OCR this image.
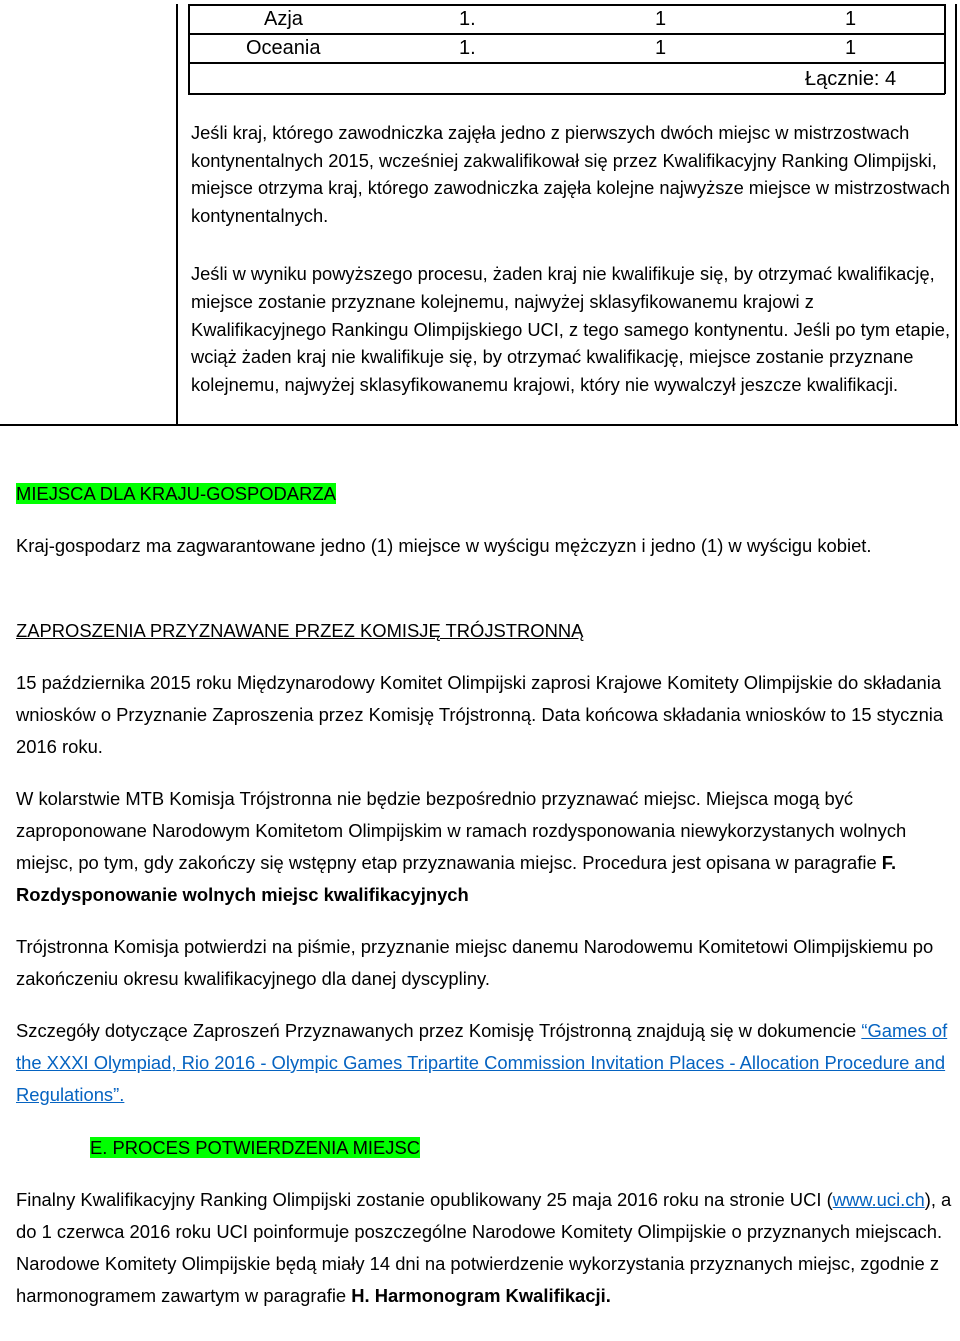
Azja	1.	1	1
Oceania	1.	1	1
Łącznie: 4

Jeśli kraj, którego zawodniczka zajęła jedno z pierwszych dwóch miejsc w mistrzostwach kontynentalnych 2015, wcześniej zakwalifikował się przez Kwalifikacyjny Ranking Olimpijski, miejsce otrzyma kraj, którego zawodniczka zajęła kolejne najwyższe miejsce w mistrzostwach kontynentalnych.

Jeśli w wyniku powyższego procesu, żaden kraj nie kwalifikuje się, by otrzymać kwalifikację, miejsce zostanie przyznane kolejnemu, najwyżej sklasyfikowanemu krajowi z Kwalifikacyjnego Rankingu Olimpijskiego UCI, z tego samego kontynentu. Jeśli po tym etapie, wciąż żaden kraj nie kwalifikuje się, by otrzymać kwalifikację, miejsce zostanie przyznane kolejnemu, najwyżej sklasyfikowanemu krajowi, który nie wywalczył jeszcze kwalifikacji.

MIEJSCA DLA KRAJU-GOSPODARZA

Kraj-gospodarz ma zagwarantowane jedno (1) miejsce w wyścigu mężczyzn i jedno (1) w wyścigu kobiet.

ZAPROSZENIA PRZYZNAWANE PRZEZ KOMISJĘ TRÓJSTRONNĄ

15 października 2015 roku Międzynarodowy Komitet Olimpijski zaprosi Krajowe Komitety Olimpijskie do składania wniosków o Przyznanie Zaproszenia przez Komisję Trójstronną. Data końcowa składania wniosków to 15 stycznia 2016 roku.

W kolarstwie MTB Komisja Trójstronna nie będzie bezpośrednio przyznawać miejsc. Miejsca mogą być zaproponowane Narodowym Komitetom Olimpijskim w ramach rozdysponowania niewykorzystanych wolnych miejsc, po tym, gdy zakończy się wstępny etap przyznawania miejsc. Procedura jest opisana w paragrafie F. Rozdysponowanie wolnych miejsc kwalifikacyjnych

Trójstronna Komisja potwierdzi na piśmie, przyznanie miejsc danemu Narodowemu Komitetowi Olimpijskiemu po zakończeniu okresu kwalifikacyjnego dla danej dyscypliny.

Szczegóły dotyczące Zaproszeń Przyznawanych przez Komisję Trójstronną znajdują się w dokumencie “Games of the XXXI Olympiad, Rio 2016 - Olympic Games Tripartite Commission Invitation Places - Allocation Procedure and Regulations”.

E. PROCES POTWIERDZENIA MIEJSC

Finalny Kwalifikacyjny Ranking Olimpijski zostanie opublikowany 25 maja 2016 roku na stronie UCI (www.uci.ch), a do 1 czerwca 2016 roku UCI poinformuje poszczególne Narodowe Komitety Olimpijskie o przyznanych miejscach. Narodowe Komitety Olimpijskie będą miały 14 dni na potwierdzenie wykorzystania przyznanych miejsc, zgodnie z harmonogramem zawartym w paragrafie H. Harmonogram Kwalifikacji.
